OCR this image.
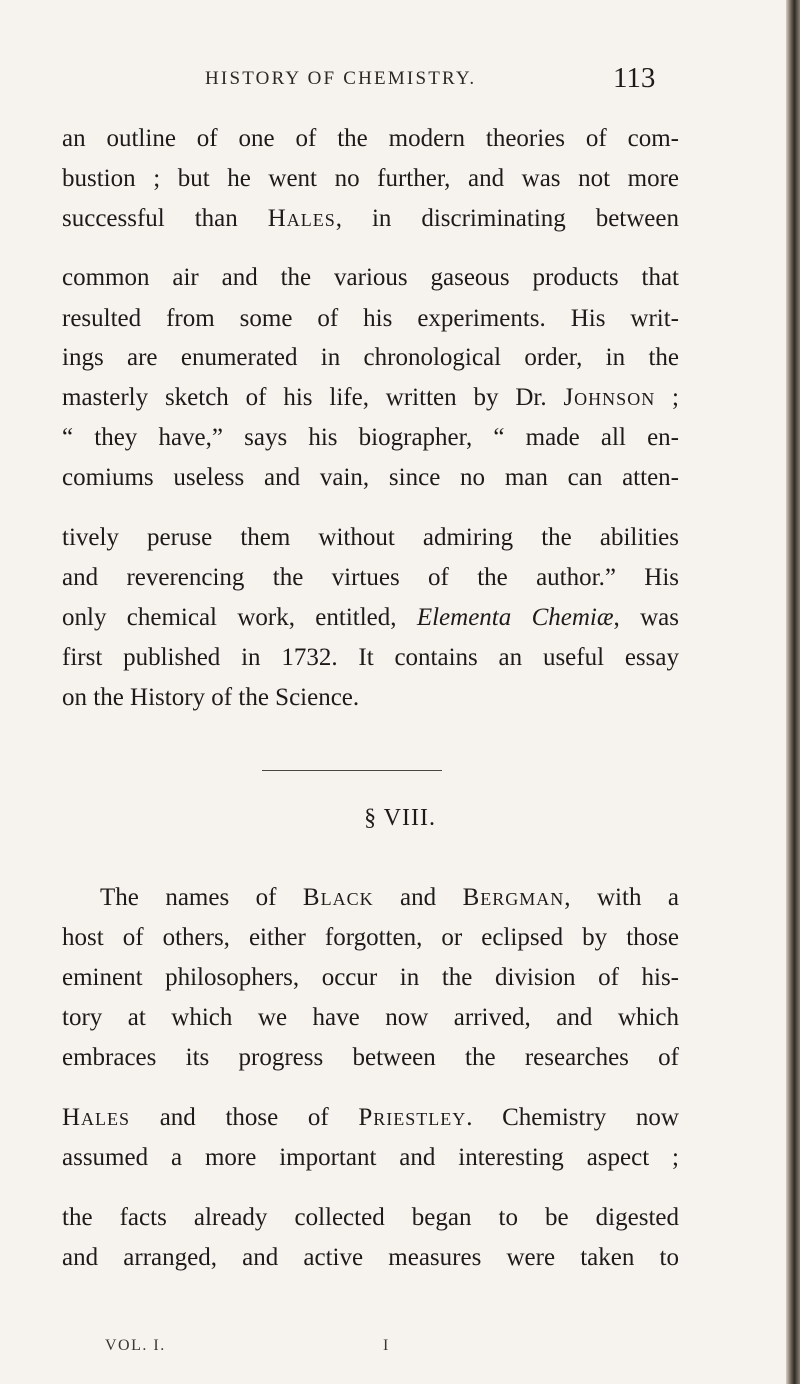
HISTORY OF CHEMISTRY.	113
an outline of one of the modern theories of com-
bustion ; but he went no further, and was not more
successful than Hales, in discriminating between
common air and the various gaseous products that
resulted from some of his experiments. His writ-
ings are enumerated in chronological order, in the
masterly sketch of his life, written by Dr. Johnson ;
“ they have,” says his biographer, “ made all en-
comiums useless and vain, since no man can atten-
tively peruse them without admiring the abilities
and reverencing the virtues of the author.” His
only chemical work, entitled, Elementa Chemiæ, was
first published in 1732. It contains an useful essay
on the History of the Science.
§ VIII.
The names of Black and Bergman, with a
host of others, either forgotten, or eclipsed by those
eminent philosophers, occur in the division of his-
tory at which we have now arrived, and which
embraces its progress between the researches of
Hales and those of Priestley. Chemistry now
assumed a more important and interesting aspect ;
the facts already collected began to be digested
and arranged, and active measures were taken to
VOL. I.	I
